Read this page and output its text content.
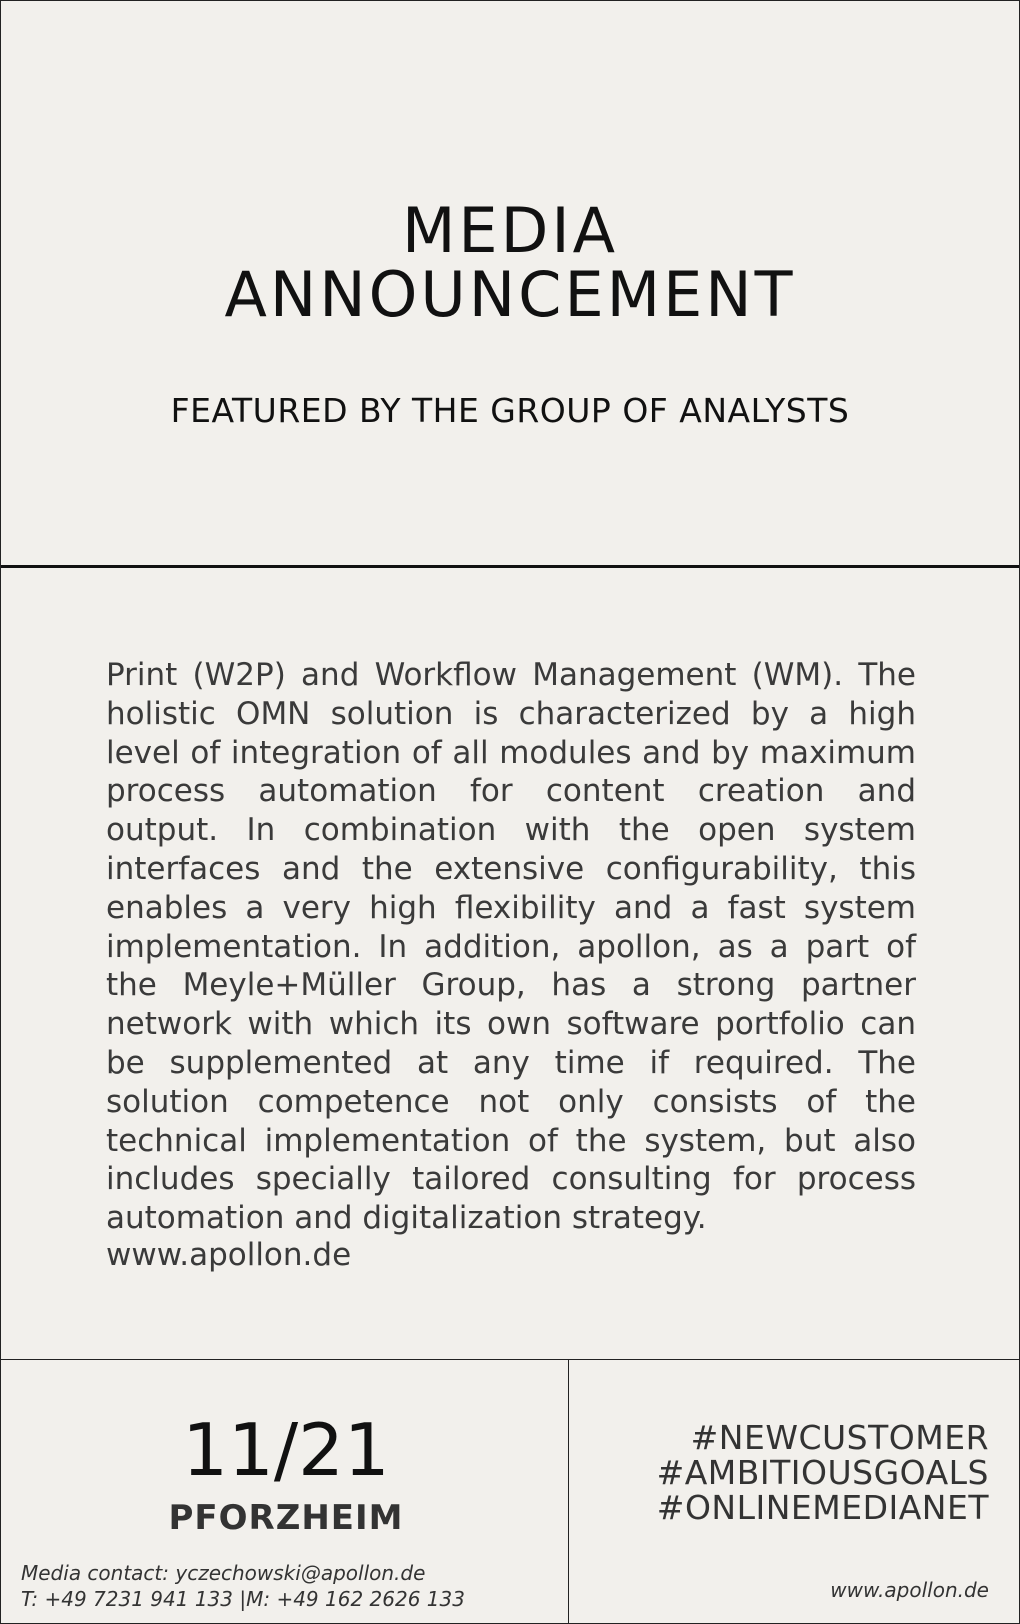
MEDIA
ANNOUNCEMENT
FEATURED BY THE GROUP OF ANALYSTS
Print (W2P) and Workflow Management (WM). The holistic OMN solution is characterized by a high level of integration of all modules and by maximum process automation for content creation and output. In combination with the open system interfaces and the extensive configurability, this enables a very high flexibility and a fast system implementation. In addition, apollon, as a part of the Meyle+Müller Group, has a strong partner network with which its own software portfolio can be supplemented at any time if required. The solution competence not only consists of the technical implementation of the system, but also includes specially tailored consulting for process automation and digitalization strategy.
www.apollon.de
11/21
PFORZHEIM
Media contact: yczechowski@apollon.de
T: +49 7231 941 133 |M: +49 162 2626 133
#NEWCUSTOMER
#AMBITIOUSGOALS
#ONLINEMEDIANET
www.apollon.de
